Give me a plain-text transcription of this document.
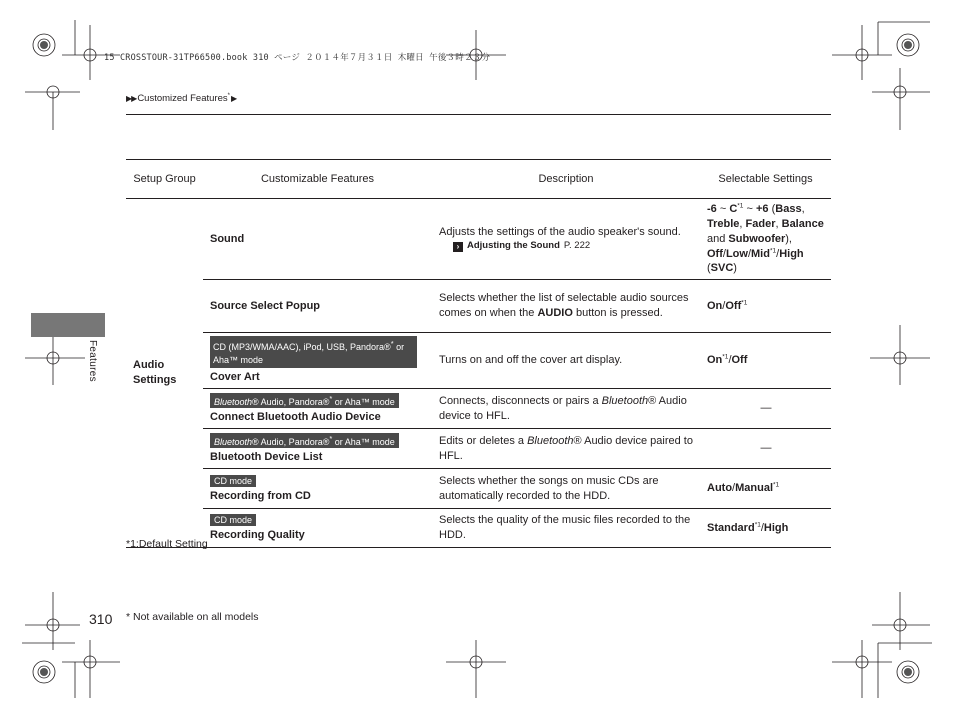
15 CROSSTOUR-31TP66500.book 310 ページ ２０１４年７月３１日 木曜日 午後３時２３分
▶▶ Customized Features* ▶
Features
Setup Group	Customizable Features	Description	Selectable Settings
Audio Settings	Sound	Adjusts the settings of the audio speaker's sound.
› Adjusting the Sound P. 222	-6 ~ $C^{*1}$ ~ +6 (Bass, Treble, Fader, Balance and Subwoofer), Off/Low/Mid$^{*1}$/High (SVC)

	Source Select Popup	Selects whether the list of selectable audio sources comes on when the AUDIO button is pressed.	On/Off$^{*1}$

	CD (MP3/WMA/AAC), iPod, USB, Pandora®* or Aha™ mode
Cover Art	Turns on and off the cover art display.	On$^{*1}$/Off
	Bluetooth® Audio, Pandora®* or Aha™ mode
Connect Bluetooth Audio Device	Connects, disconnects or pairs a Bluetooth® Audio device to HFL.	—

	Bluetooth® Audio, Pandora®* or Aha™ mode
Bluetooth Device List	Edits or deletes a Bluetooth® Audio device paired to HFL.	—

	CD mode
Recording from CD	Selects whether the songs on music CDs are automatically recorded to the HDD.	Auto/Manual$^{*1}$
	CD mode
Recording Quality	Selects the quality of the music files recorded to the HDD.	Standard$^{*1}$/High
*1:Default Setting
310 * Not available on all models
